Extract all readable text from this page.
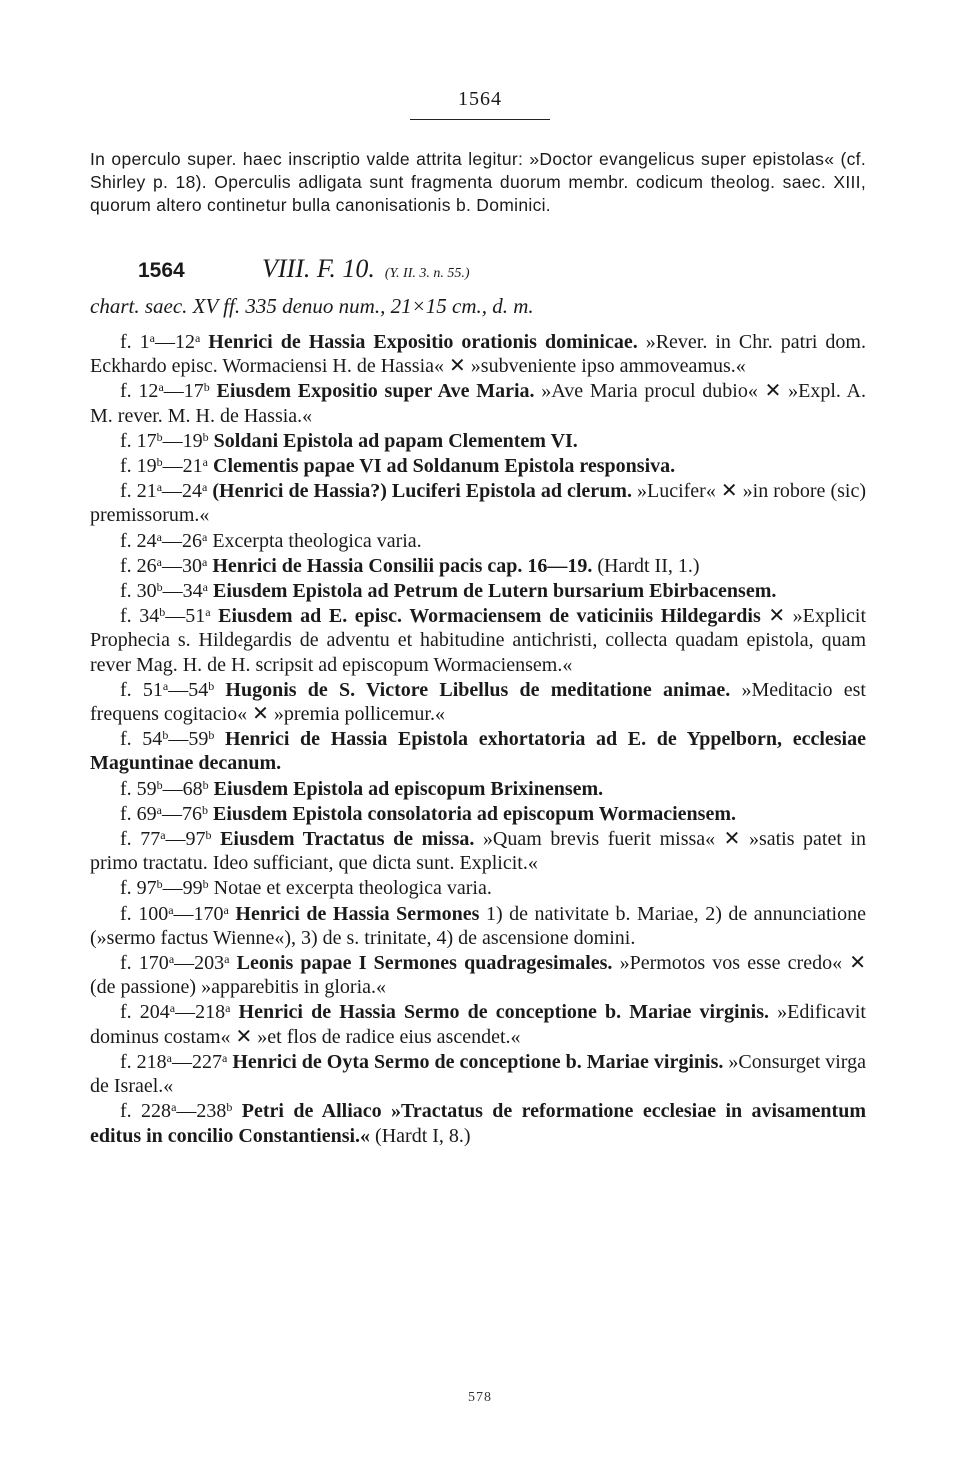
1564
In operculo super. haec inscriptio valde attrita legitur: »Doctor evangelicus super epistolas« (cf. Shirley p. 18). Operculis adligata sunt fragmenta duorum membr. codicum theolog. saec. XIII, quorum altero continetur bulla canonisationis b. Dominici.
1564	VIII. F. 10. (Y. II. 3. n. 55.)
chart. saec. XV ff. 335 denuo num., 21×15 cm., d. m.
f. 1$^a$—12$^a$ Henrici de Hassia Expositio orationis dominicae. »Rever. in Chr. patri dom. Eckhardo episc. Wormaciensi H. de Hassia« ✕ »subveniente ipso ammoveamus.«
f. 12$^a$—17$^b$ Eiusdem Expositio super Ave Maria. »Ave Maria procul dubio« ✕ »Expl. A. M. rever. M. H. de Hassia.«
f. 17$^b$—19$^b$ Soldani Epistola ad papam Clementem VI.
f. 19$^b$—21$^a$ Clementis papae VI ad Soldanum Epistola responsiva.
f. 21$^a$—24$^a$ (Henrici de Hassia?) Luciferi Epistola ad clerum. »Lucifer« ✕ »in robore (sic) premissorum.«
f. 24$^a$—26$^a$ Excerpta theologica varia.
f. 26$^a$—30$^a$ Henrici de Hassia Consilii pacis cap. 16—19. (Hardt II, 1.)
f. 30$^b$—34$^a$ Eiusdem Epistola ad Petrum de Lutern bursarium Ebirbacensem.
f. 34$^b$—51$^a$ Eiusdem ad E. episc. Wormaciensem de vaticiniis Hildegardis ✕ »Explicit Prophecia s. Hildegardis de adventu et habitudine antichristi, collecta quadam epistola, quam rever Mag. H. de H. scripsit ad episcopum Wormaciensem.«
f. 51$^a$—54$^b$ Hugonis de S. Victore Libellus de meditatione animae. »Meditacio est frequens cogitacio« ✕ »premia pollicemur.«
f. 54$^b$—59$^b$ Henrici de Hassia Epistola exhortatoria ad E. de Yppelborn, ecclesiae Maguntinae decanum.
f. 59$^b$—68$^b$ Eiusdem Epistola ad episcopum Brixinensem.
f. 69$^a$—76$^b$ Eiusdem Epistola consolatoria ad episcopum Wormaciensem.
f. 77$^a$—97$^b$ Eiusdem Tractatus de missa. »Quam brevis fuerit missa« ✕ »satis patet in primo tractatu. Ideo sufficiant, que dicta sunt. Explicit.«
f. 97$^b$—99$^b$ Notae et excerpta theologica varia.
f. 100$^a$—170$^a$ Henrici de Hassia Sermones 1) de nativitate b. Mariae, 2) de annunciatione (»sermo factus Wienne«), 3) de s. trinitate, 4) de ascensione domini.
f. 170$^a$—203$^a$ Leonis papae I Sermones quadragesimales. »Permotos vos esse credo« ✕ (de passione) »apparebitis in gloria.«
f. 204$^a$—218$^a$ Henrici de Hassia Sermo de conceptione b. Mariae virginis. »Edificavit dominus costam« ✕ »et flos de radice eius ascendet.«
f. 218$^a$—227$^a$ Henrici de Oyta Sermo de conceptione b. Mariae virginis. »Consurget virga de Israel.«
f. 228$^a$—238$^b$ Petri de Alliaco »Tractatus de reformatione ecclesiae in avisamentum editus in concilio Constantiensi.« (Hardt I, 8.)
578
